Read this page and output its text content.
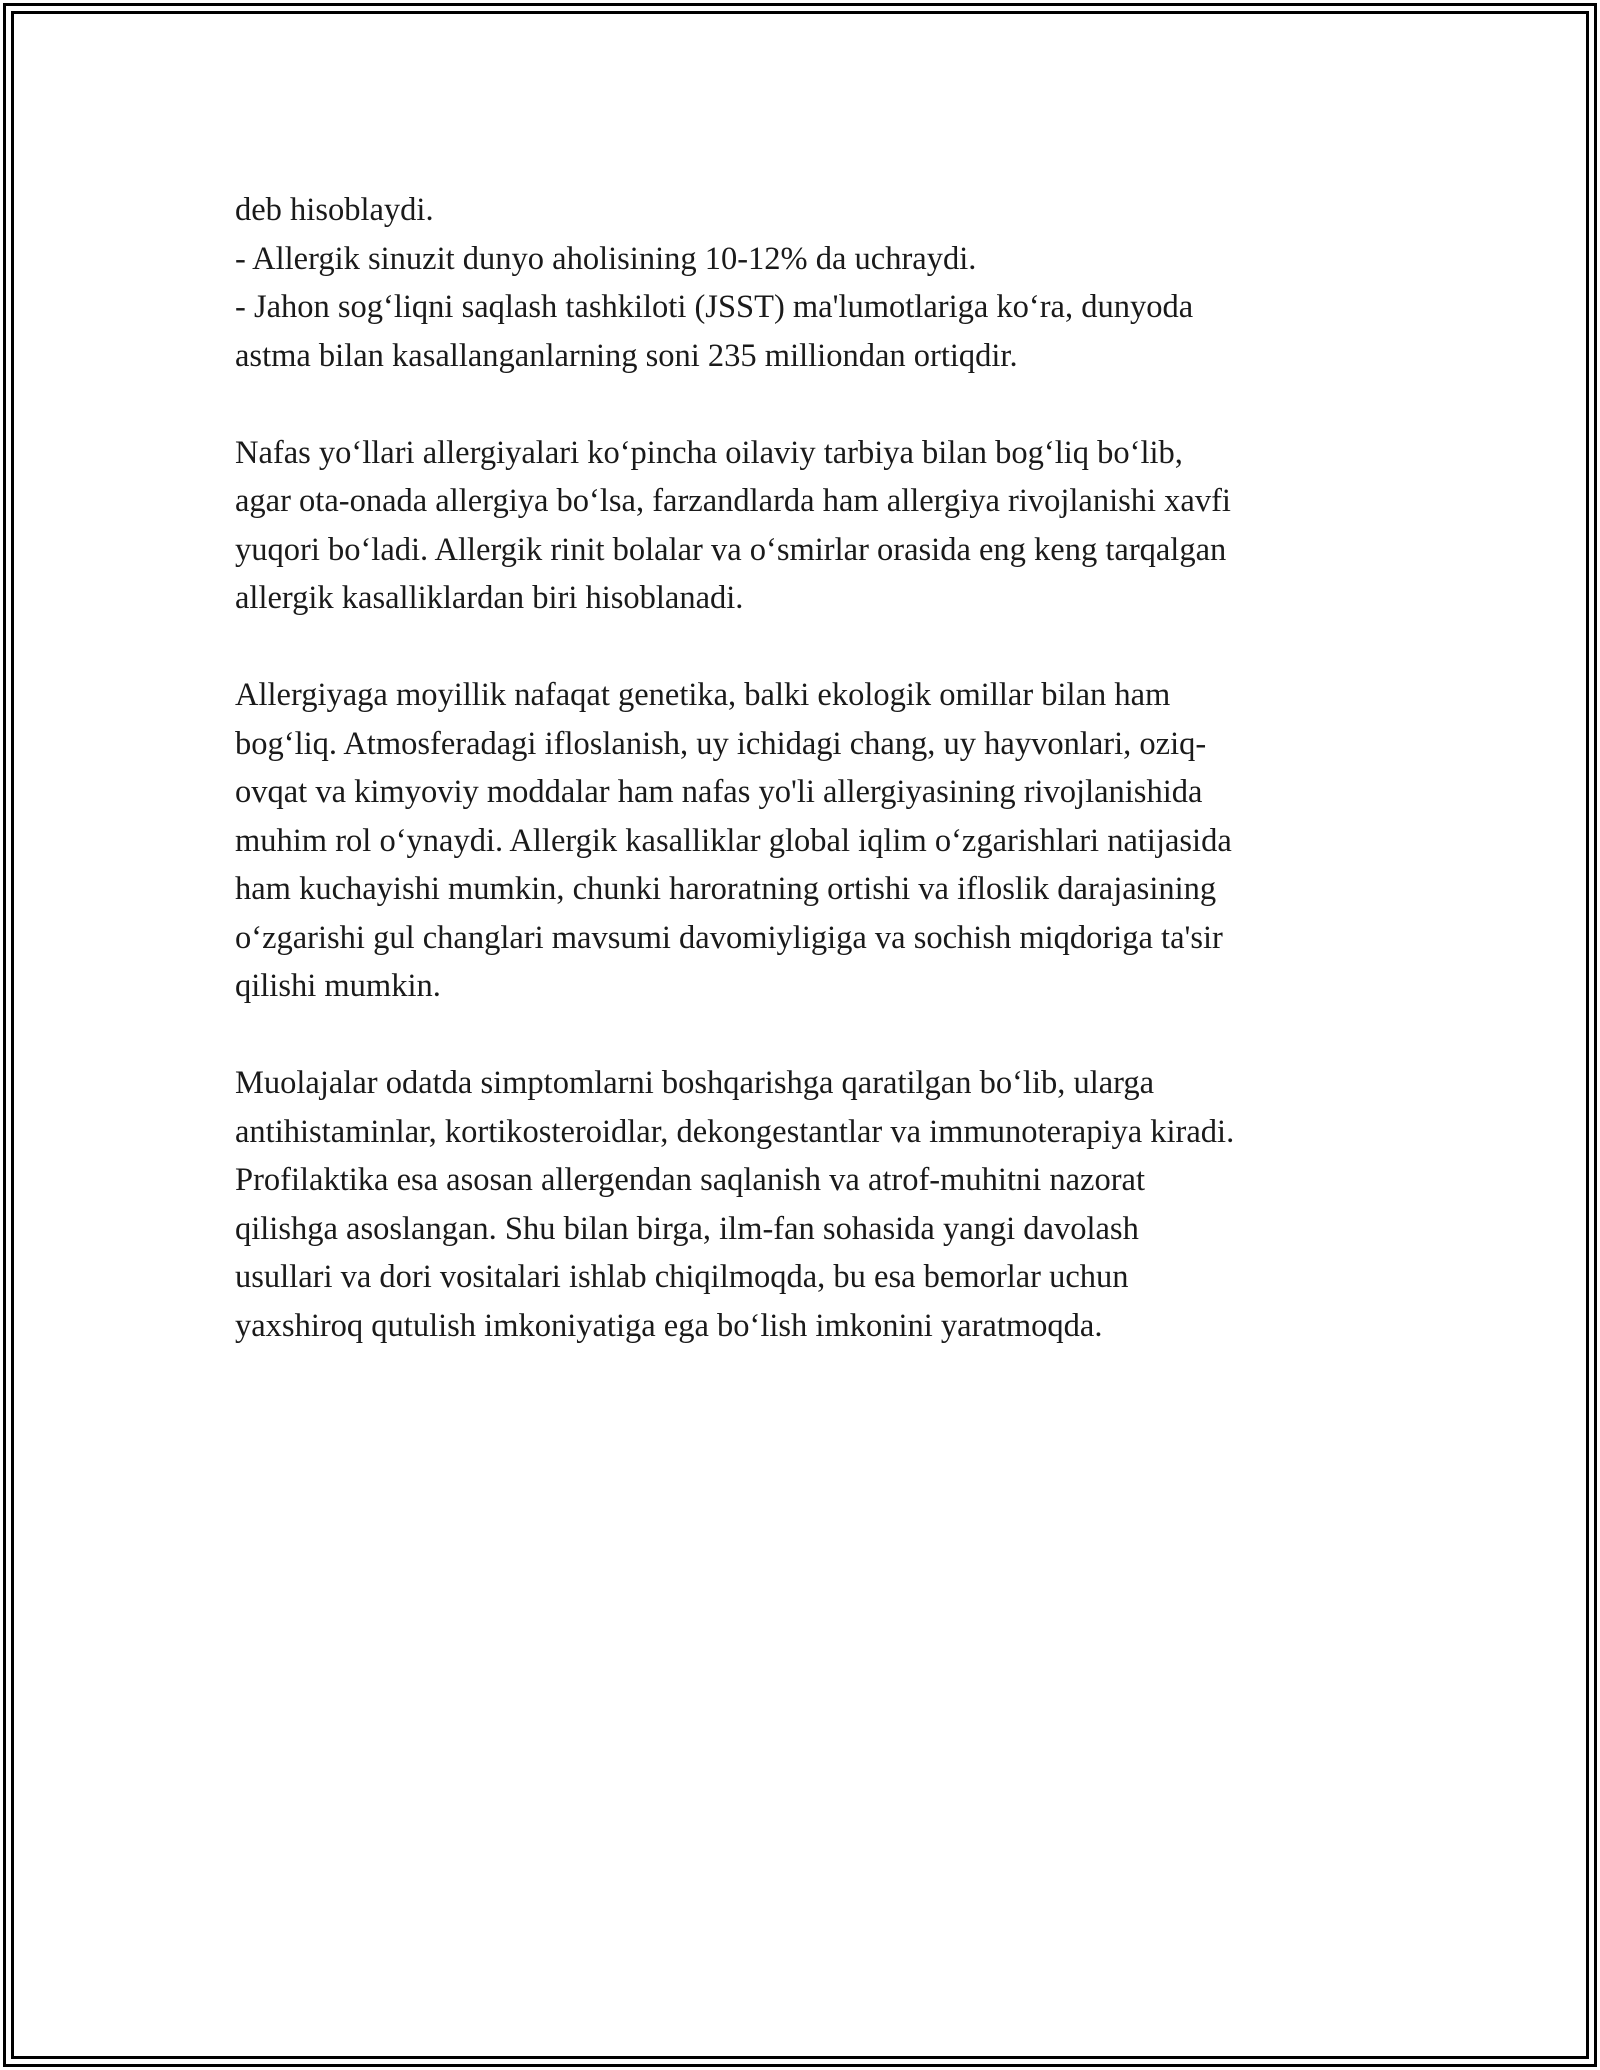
deb hisoblaydi.
- Allergik sinuzit dunyo aholisining 10-12% da uchraydi.
- Jahon sog‘liqni saqlash tashkiloti (JSST) ma'lumotlariga ko‘ra, dunyoda
astma bilan kasallanganlarning soni 235 milliondan ortiqdir.
Nafas yo‘llari allergiyalari ko‘pincha oilaviy tarbiya bilan bog‘liq bo‘lib,
agar ota-onada allergiya bo‘lsa, farzandlarda ham allergiya rivojlanishi xavfi
yuqori bo‘ladi. Allergik rinit bolalar va o‘smirlar orasida eng keng tarqalgan
allergik kasalliklardan biri hisoblanadi.
Allergiyaga moyillik nafaqat genetika, balki ekologik omillar bilan ham
bog‘liq. Atmosferadagi ifloslanish, uy ichidagi chang, uy hayvonlari, oziq-
ovqat va kimyoviy moddalar ham nafas yo'li allergiyasining rivojlanishida
muhim rol o‘ynaydi. Allergik kasalliklar global iqlim o‘zgarishlari natijasida
ham kuchayishi mumkin, chunki haroratning ortishi va ifloslik darajasining
o‘zgarishi gul changlari mavsumi davomiyligiga va sochish miqdoriga ta'sir
qilishi mumkin.
Muolajalar odatda simptomlarni boshqarishga qaratilgan bo‘lib, ularga
antihistaminlar, kortikosteroidlar, dekongestantlar va immunoterapiya kiradi.
Profilaktika esa asosan allergendan saqlanish va atrof-muhitni nazorat
qilishga asoslangan. Shu bilan birga, ilm-fan sohasida yangi davolash
usullari va dori vositalari ishlab chiqilmoqda, bu esa bemorlar uchun
yaxshiroq qutulish imkoniyatiga ega bo‘lish imkonini yaratmoqda.
